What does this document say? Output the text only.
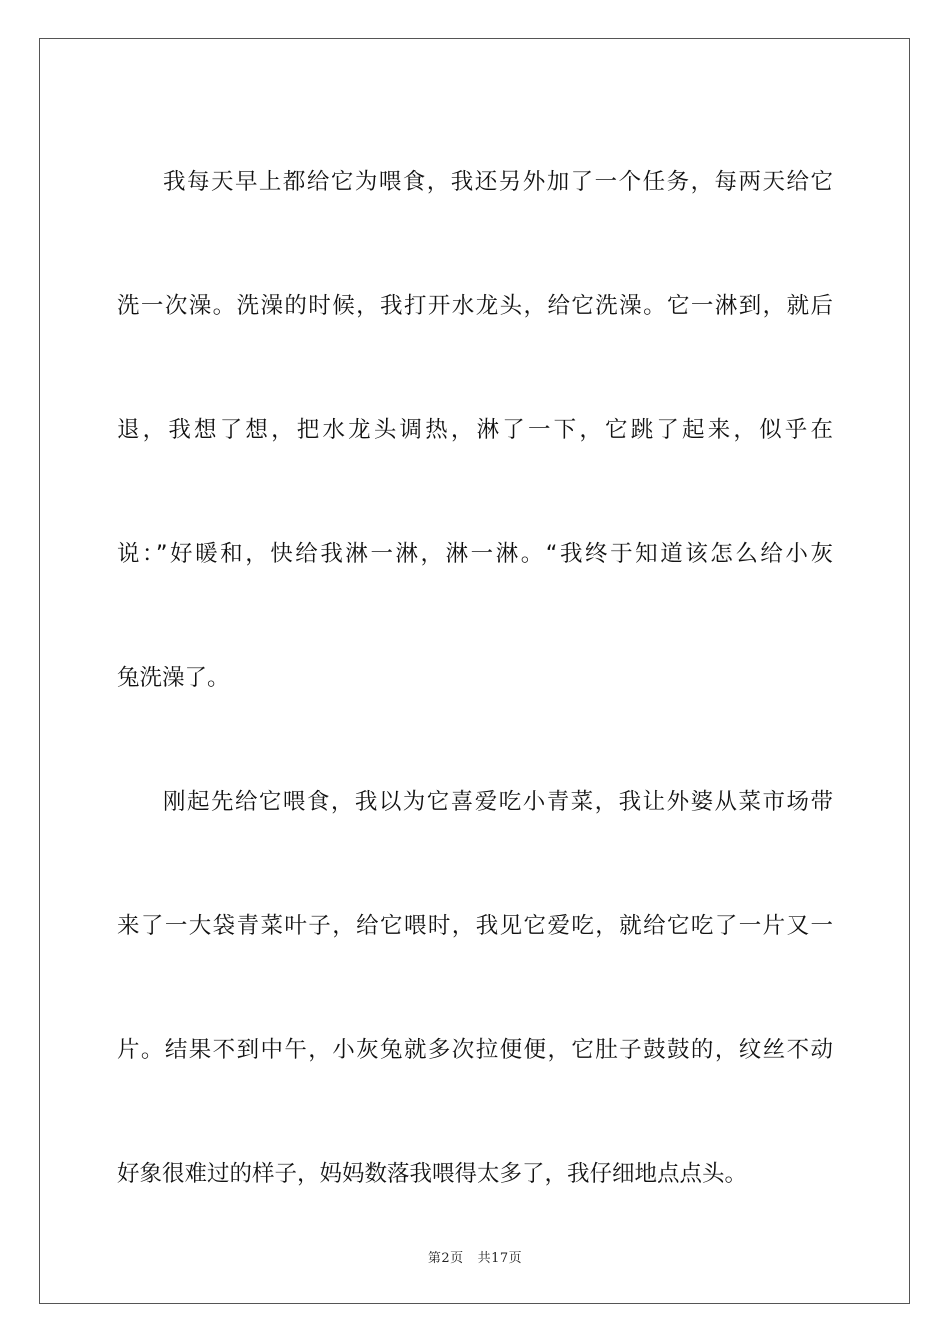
我每天早上都给它为喂食，我还另外加了一个任务，每两天给它
洗一次澡。洗澡的时候，我打开水龙头，给它洗澡。它一淋到，就后
退，我想了想，把水龙头调热，淋了一下，它跳了起来，似乎在
说：”好暖和，快给我淋一淋，淋一淋。“我终于知道该怎么给小灰
兔洗澡了。

刚起先给它喂食，我以为它喜爱吃小青菜，我让外婆从菜市场带
来了一大袋青菜叶子，给它喂时，我见它爱吃，就给它吃了一片又一
片。结果不到中午，小灰兔就多次拉便便，它肚子鼓鼓的，纹丝不动
好象很难过的样子，妈妈数落我喂得太多了，我仔细地点点头。

第2页 共17页
